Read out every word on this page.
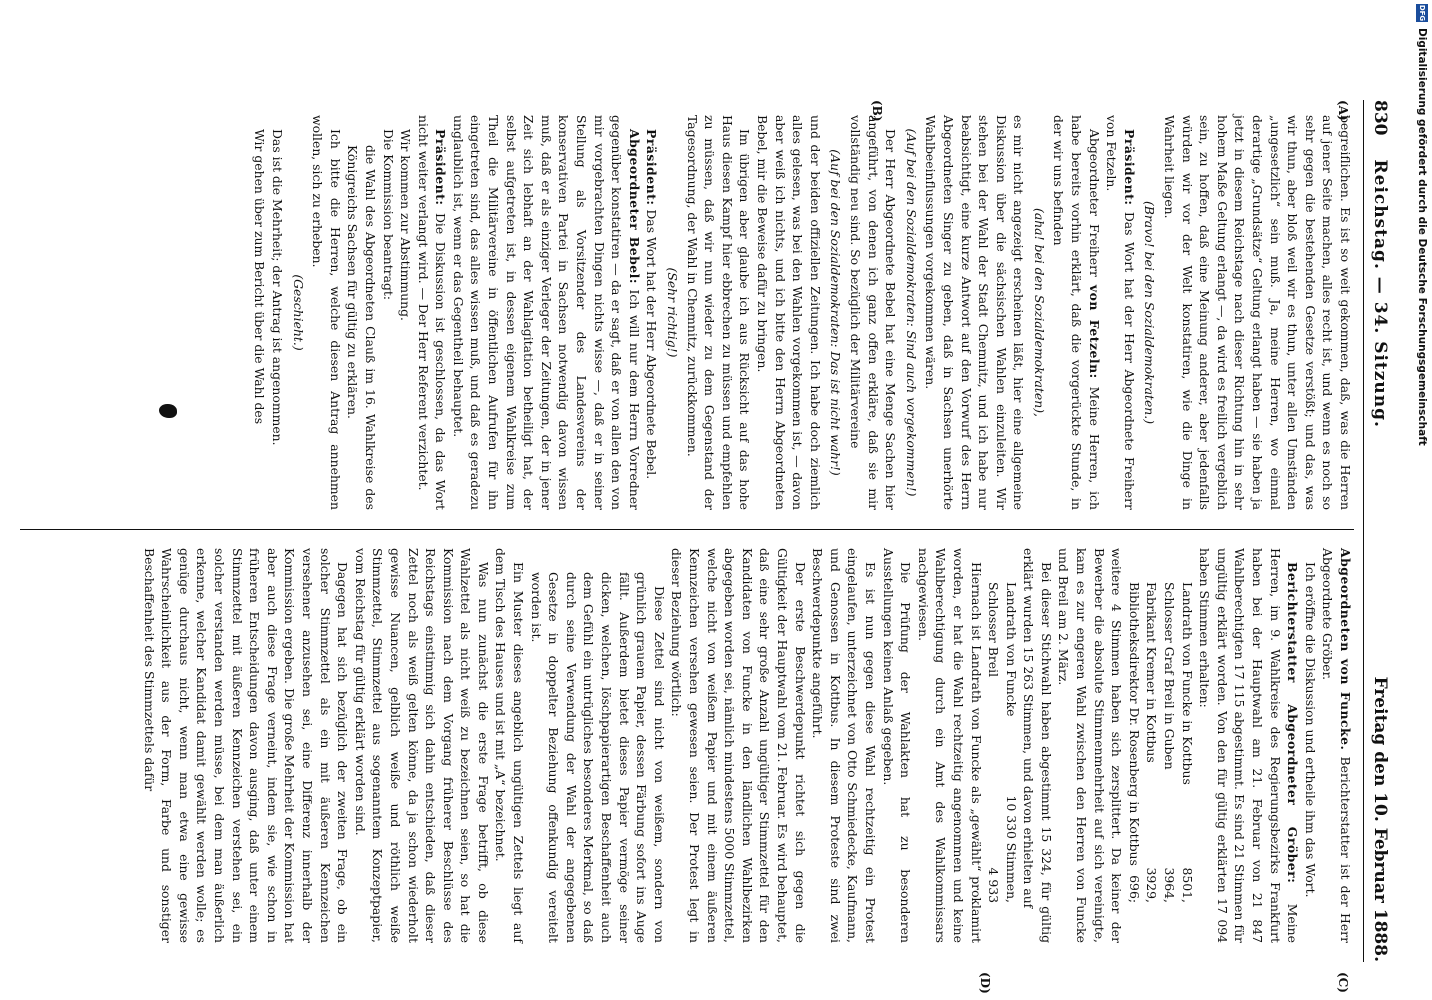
830
Reichstag. — 34. Sitzung.
Freitag den 10. Februar 1888.
(A)
(B)
(C)
(D)

begreiflichen. Es ist so weit gekommen, daß, was die Herren auf jener Seite machen, alles recht ist, und wenn es noch so sehr gegen die bestehenden Gesetze verstößt; und das, was wir thun, aber bloß weil wir es thun, unter allen Umständen „ungesetzlich“ sein muß. Ja, meine Herren, wo einmal derartige „Grundsätze“ Geltung erlangt haben — sie haben ja jetzt in diesem Reichstage nach dieser Richtung hin in sehr hohem Maße Geltung erlangt —, da wird es freilich vergeblich sein, zu hoffen, daß eine Meinung anderer, aber jedenfalls würden wir vor der Welt konstatiren, wie die Dinge in Wahrheit liegen.

(Bravo! bei den Sozialdemokraten.)

Präsident: Das Wort hat der Herr Abgeordnete Freiherr von Fetzeln.

Abgeordneter Freiherr von Fetzeln: Meine Herren, ich habe bereits vorhin erklärt, daß die vorgerückte Stunde, in der wir uns befinden

(aha! bei den Sozialdemokraten),

es mir nicht angezeigt erscheinen läßt, hier eine allgemeine Diskussion über die sächsischen Wahlen einzuleiten. Wir stehen bei der Wahl der Stadt Chemnitz, und ich habe nur beabsichtigt, eine kurze Antwort auf den Vorwurf des Herrn Abgeordneten Singer zu geben, daß in Sachsen unerhörte Wahlbeeinflussungen vorgekommen wären.

(Auf bei den Sozialdemokraten: Sind auch vorgekommen!)

Der Herr Abgeordnete Bebel hat eine Menge Sachen hier angeführt, von denen ich ganz offen erkläre, daß sie mir vollständig neu sind. So bezüglich der Militärvereine

(Auf bei den Sozialdemokraten: Das ist nicht wahr!)

und der beiden offiziellen Zeitungen. Ich habe doch ziemlich alles gelesen, was bei den Wahlen vorgekommen ist, — davon aber weiß ich nichts, und ich bitte den Herrn Abgeordneten Bebel, mir die Beweise dafür zu bringen.

Im übrigen aber glaube ich aus Rücksicht auf das hohe Haus diesen Kampf hier ebbrechen zu müssen und empfehlen zu müssen, daß wir nun wieder zu dem Gegenstand der Tagesordnung, der Wahl in Chemnitz, zurückkommen.

(Sehr richtig!)

Präsident: Das Wort hat der Herr Abgeordnete Bebel.

Abgeordneter Bebel: Ich will nur dem Herrn Vorredner gegenüber konstatiren — da er sagt, daß er von allen den von mir vorgebrachten Dingen nichts wisse —, daß er in seiner Stellung als Vorsitzender des Landesvereins der konservativen Partei in Sachsen notwendig davon wissen muß, daß er als einziger Verleger der Zeitungen, der in jener Zeit sich lebhaft an der Wahlagitation betheiligt hat, der selbst aufgetreten ist, in dessen eigenem Wahlkreise zum Theil die Militärvereine in öffentlichen Aufrufen für ihn eingetreten sind, das alles wissen muß, und daß es geradezu unglaublich ist, wenn er das Gegentheil behauptet.

Präsident: Die Diskussion ist geschlossen, da das Wort nicht weiter verlangt wird. — Der Herr Referent verzichtet.

Wir kommen zur Abstimmung.

Die Kommission beantragt:

die Wahl des Abgeordneten Clauß im 16. Wahlkreise des Königreichs Sachsen für gültig zu erklären.

Ich bitte die Herren, welche diesen Antrag annehmen wollen, sich zu erheben.

(Geschieht.)

Das ist die Mehrheit; der Antrag ist angenommen.

Wir gehen über zum Bericht über die Wahl des

Abgeordneten von Funcke. Berichterstatter ist der Herr Abgeordnete Gröber.

Ich eröffne die Diskussion und ertheile ihm das Wort.

Berichterstatter Abgeordneter Gröber: Meine Herren, im 9. Wahlkreise des Regierungsbezirks Frankfurt haben bei der Hauptwahl am 21. Februar von 21 847 Wahlberechtigten 17 115 abgestimmt. Es sind 21 Stimmen für ungültig erklärt worden. Von den für gültig erklärten 17 094 haben Stimmen erhalten:

Landrath von Funcke in Kottbus
8501,
Schlosser Graf Breil in Guben
3964,
Fabrikant Kremer in Kottbus
3929,
Bibliotheksdirektor Dr. Rosenberg in Kottbus
696;

weitere 4 Stimmen haben sich zersplittert. Da keiner der Bewerber die absolute Stimmenmehrheit auf sich vereinigte, kam es zur engeren Wahl zwischen den Herren von Funcke und Breil am 2. März.

Bei dieser Stichwahl haben abgestimmt 15 324, für gültig erklärt wurden 15 263 Stimmen, und davon erhielten auf

Landrath von Funcke
10 330 Stimmen,
Schlosser Breil
4 933

Hiernach ist Landrath von Funcke als „gewählt“ proklamirt worden, er hat die Wahl rechtzeitig angenommen und keine Wahlberechtigung durch ein Amt des Wahlkommissars nachgewiesen.

Die Prüfung der Wahlakten hat zu besonderen Ausstellungen keinen Anlaß gegeben.

Es ist nun gegen diese Wahl rechtzeitig ein Protest eingelaufen, unterzeichnet von Otto Schmiedecke, Kaufmann, und Genossen in Kottbus. In diesem Proteste sind zwei Beschwerdepunkte angeführt.

Der erste Beschwerdepunkt richtet sich gegen die Gültigkeit der Hauptwahl vom 21. Februar. Es wird behauptet, daß eine sehr große Anzahl ungültiger Stimmzettel für den Kandidaten von Funcke in den ländlichen Wahlbezirken abgegeben worden sei, nämlich mindestens 5000 Stimmzettel, welche nicht von weißem Papier und mit einem äußeren Kennzeichen versehen gewesen seien. Der Protest legt in dieser Beziehung wörtlich:

Diese Zettel sind nicht von weißem, sondern von grünlich grauem Papier, dessen Färbung sofort ins Auge fällt. Außerdem bietet dieses Papier vermöge seiner dicken, welchen, löschpapierartigen Beschaffenheit auch dem Gefühl ein untrügliches besonderes Merkmal, so daß durch seine Verwendung der Wahl der angegebenen Gesetze in doppelter Beziehung offenkundig vereitelt worden ist.

Ein Muster dieses angeblich ungültigen Zettels liegt auf dem Tisch des Hauses und ist mit „A“ bezeichnet.

Was nun zunächst die erste Frage betrifft, ob diese Wahlzettel als nicht weiß zu bezeichnen seien, so hat die Kommission nach dem Vorgang früherer Beschlüsse des Reichstags einstimmig sich dahin entschieden, daß dieser Zettel noch als weiß gelten könne, da ja schon wiederholt gewisse Nuancen, gelblich weiße und röthlich weiße Stimmzettel, Stimmzettel aus sogenanntem Konzeptpapier, vom Reichstag für gültig erklärt worden sind.

Dagegen hat sich bezüglich der zweiten Frage, ob ein solcher Stimmzettel als ein mit äußeren Kennzeichen versehener anzusehen sei, eine Differenz innerhalb der Kommission ergeben. Die große Mehrheit der Kommission hat aber auch diese Frage verneint, indem sie, wie schon in früheren Entscheidungen davon ausging, daß unter einem Stimmzettel mit äußeren Kennzeichen verstehen sei, ein solcher verstanden werden müsse, bei dem man äußerlich erkenne, welcher Kandidat damit gewählt werden wolle; es genüge durchaus nicht, wenn man etwa eine gewisse Wahrscheinlichkeit aus der Form, Farbe und sonstiger Beschaffenheit des Stimmzettels dafür

DFG
Digitalisierung gefördert durch die Deutsche Forschungsgemeinschaft
